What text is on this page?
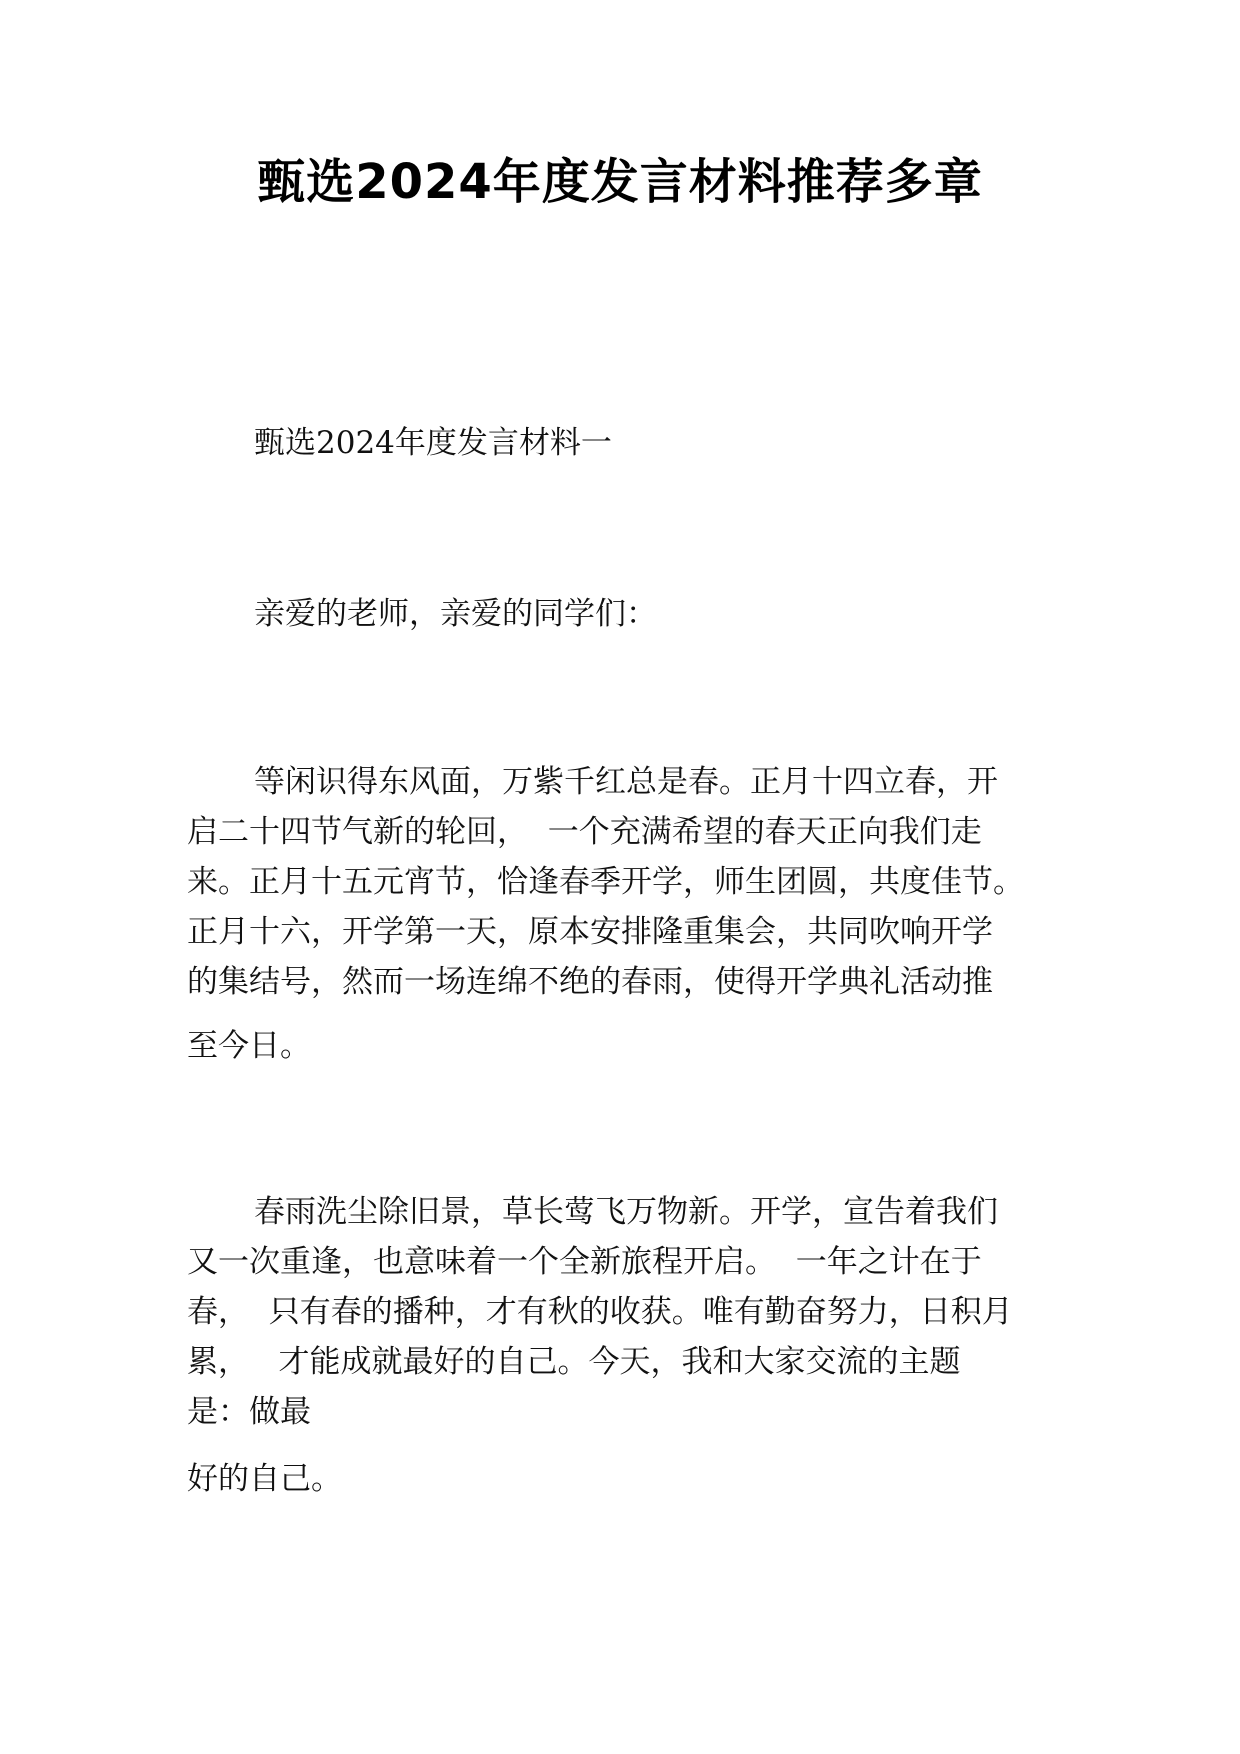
甄选2024年度发言材料推荐多章
甄选2024年度发言材料一
亲爱的老师，亲爱的同学们：
等闲识得东风面，万紫千红总是春。正月十四立春，开
启二十四节气新的轮回，  一个充满希望的春天正向我们走
来。正月十五元宵节，恰逢春季开学，师生团圆，共度佳节。
正月十六，开学第一天，原本安排隆重集会，共同吹响开学
的集结号，然而一场连绵不绝的春雨，使得开学典礼活动推
至今日。
春雨洗尘除旧景，草长莺飞万物新。开学，宣告着我们
又一次重逢，也意味着一个全新旅程开启。  一年之计在于
春，  只有春的播种，才有秋的收获。唯有勤奋努力，日积月
累，   才能成就最好的自己。今天，我和大家交流的主题
是：做最
好的自己。
